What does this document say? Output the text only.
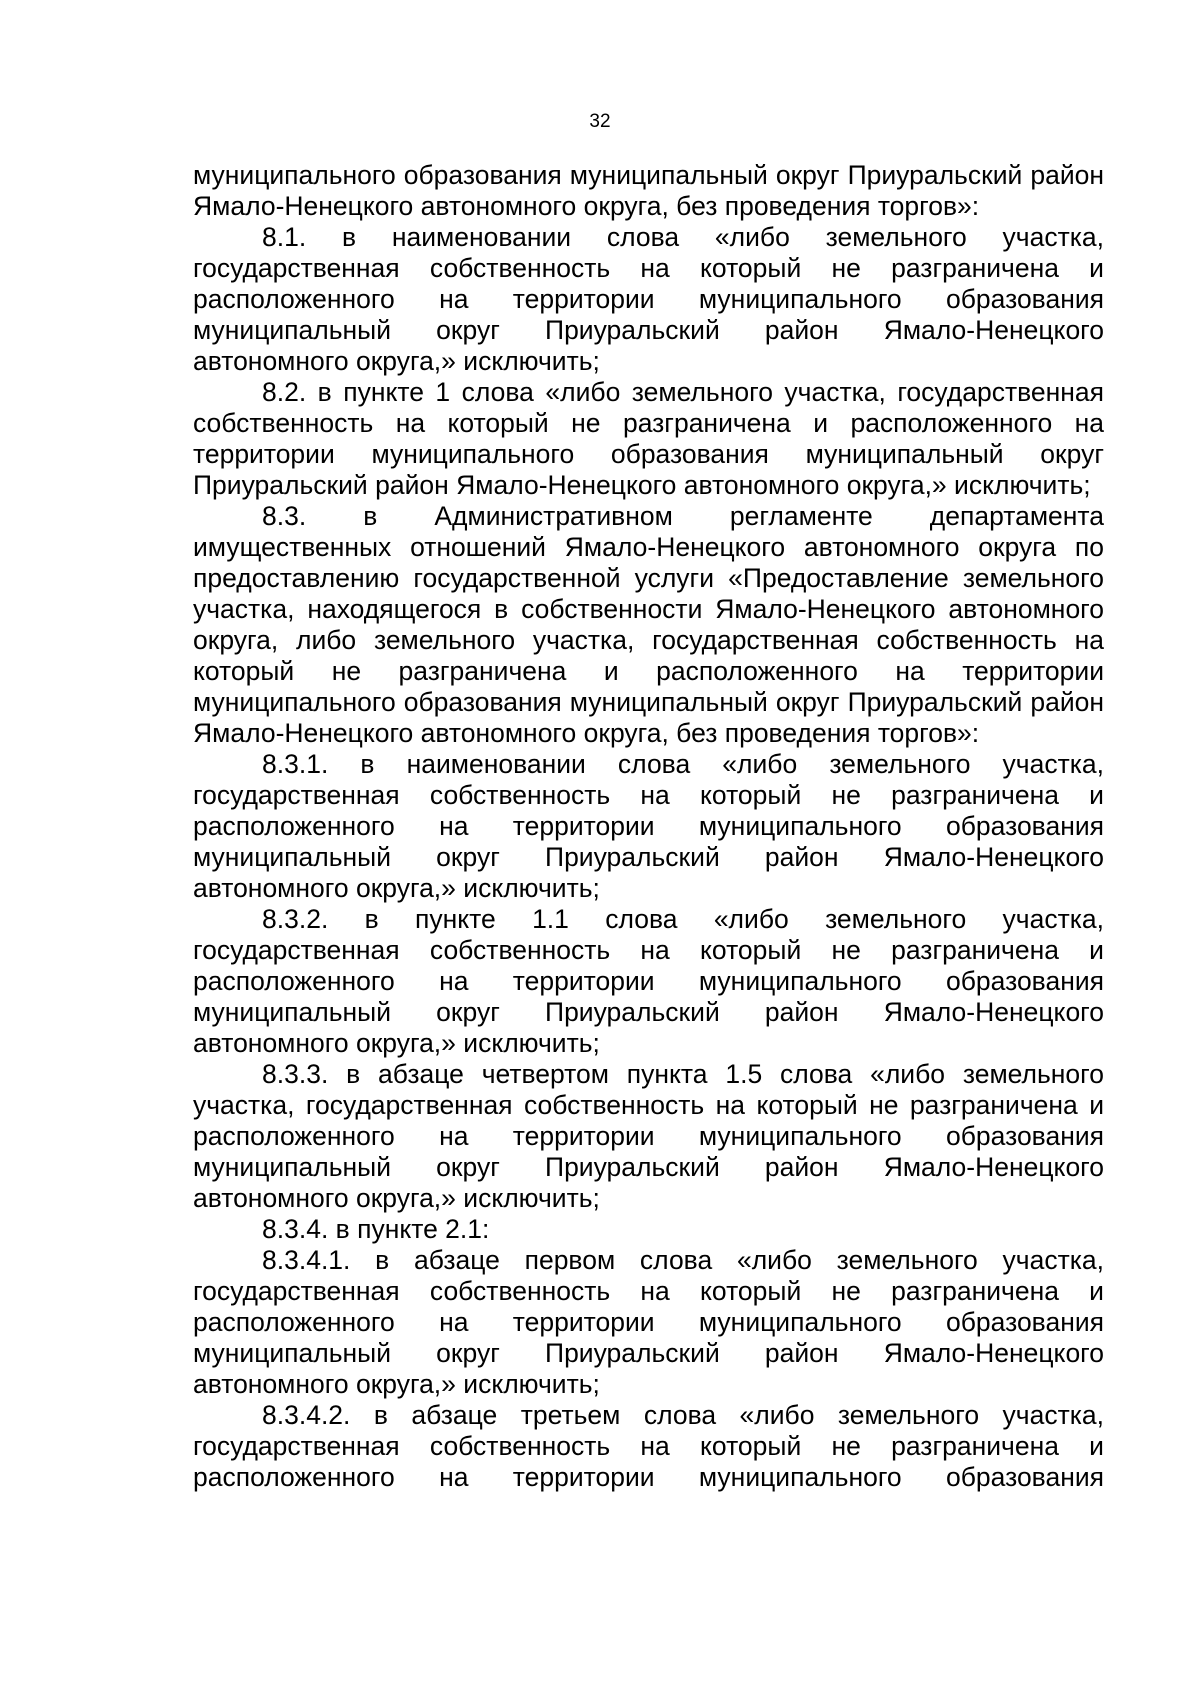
32

муниципального образования муниципальный округ Приуральский район Ямало-Ненецкого автономного округа, без проведения торгов»:

8.1. в наименовании слова «либо земельного участка, государственная собственность на который не разграничена и расположенного на территории муниципального образования муниципальный округ Приуральский район Ямало-Ненецкого автономного округа,» исключить;

8.2. в пункте 1 слова «либо земельного участка, государственная собственность на который не разграничена и расположенного на территории муниципального образования муниципальный округ Приуральский район Ямало-Ненецкого автономного округа,» исключить;

8.3. в Административном регламенте департамента имущественных отношений Ямало-Ненецкого автономного округа по предоставлению государственной услуги «Предоставление земельного участка, находящегося в собственности Ямало-Ненецкого автономного округа, либо земельного участка, государственная собственность на который не разграничена и расположенного на территории муниципального образования муниципальный округ Приуральский район Ямало-Ненецкого автономного округа, без проведения торгов»:

8.3.1. в наименовании слова «либо земельного участка, государственная собственность на который не разграничена и расположенного на территории муниципального образования муниципальный округ Приуральский район Ямало-Ненецкого автономного округа,» исключить;

8.3.2. в пункте 1.1 слова «либо земельного участка, государственная собственность на который не разграничена и расположенного на территории муниципального образования муниципальный округ Приуральский район Ямало-Ненецкого автономного округа,» исключить;

8.3.3. в абзаце четвертом пункта 1.5 слова «либо земельного участка, государственная собственность на который не разграничена и расположенного на территории муниципального образования муниципальный округ Приуральский район Ямало-Ненецкого автономного округа,» исключить;

8.3.4. в пункте 2.1:

8.3.4.1. в абзаце первом слова «либо земельного участка, государственная собственность на который не разграничена и расположенного на территории муниципального образования муниципальный округ Приуральский район Ямало-Ненецкого автономного округа,» исключить;

8.3.4.2. в абзаце третьем слова «либо земельного участка, государственная собственность на который не разграничена и расположенного на территории муниципального образования
